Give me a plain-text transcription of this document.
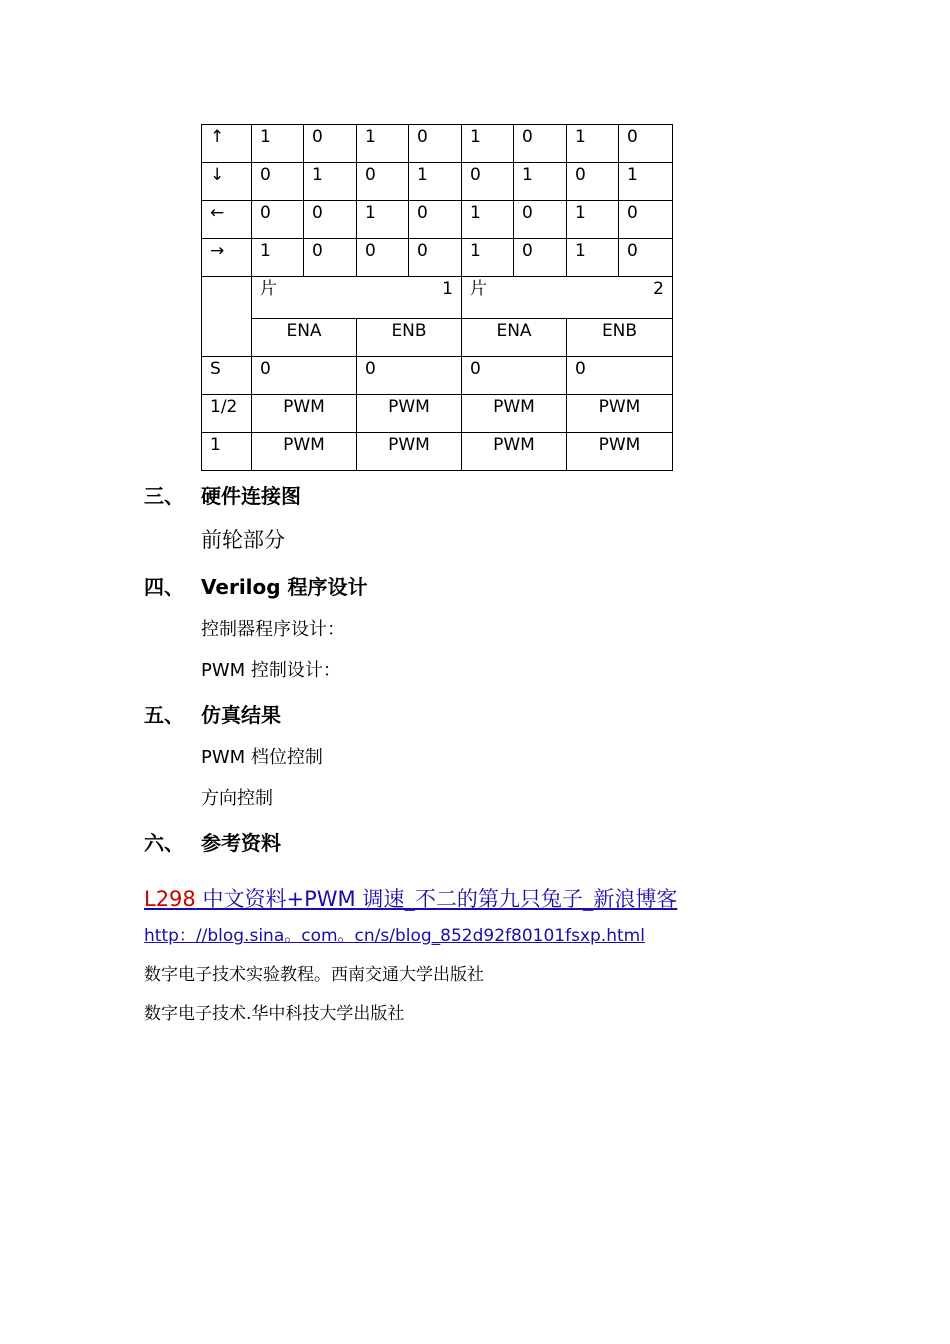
↑	1	0	1	0	1	0	1	0
↓	0	1	0	1	0	1	0	1
←	0	0	1	0	1	0	1	0
→	1	0	0	0	1	0	1	0

	片 1				片 2			

	ENA		ENB		ENA		ENB	
S	0		0		0		0	
1/2	PWM		PWM		PWM		PWM	
1	PWM		PWM		PWM		PWM	
三、 硬件连接图
前轮部分
四、 Verilog 程序设计
控制器程序设计：
PWM 控制设计：
五、 仿真结果
PWM 档位控制
方向控制
六、 参考资料
L298 中文资料+PWM 调速_不二的第九只兔子_新浪博客
http：//blog.sina。com。cn/s/blog_852d92f80101fsxp.html
数字电子技术实验教程。西南交通大学出版社
数字电子技术.华中科技大学出版社
